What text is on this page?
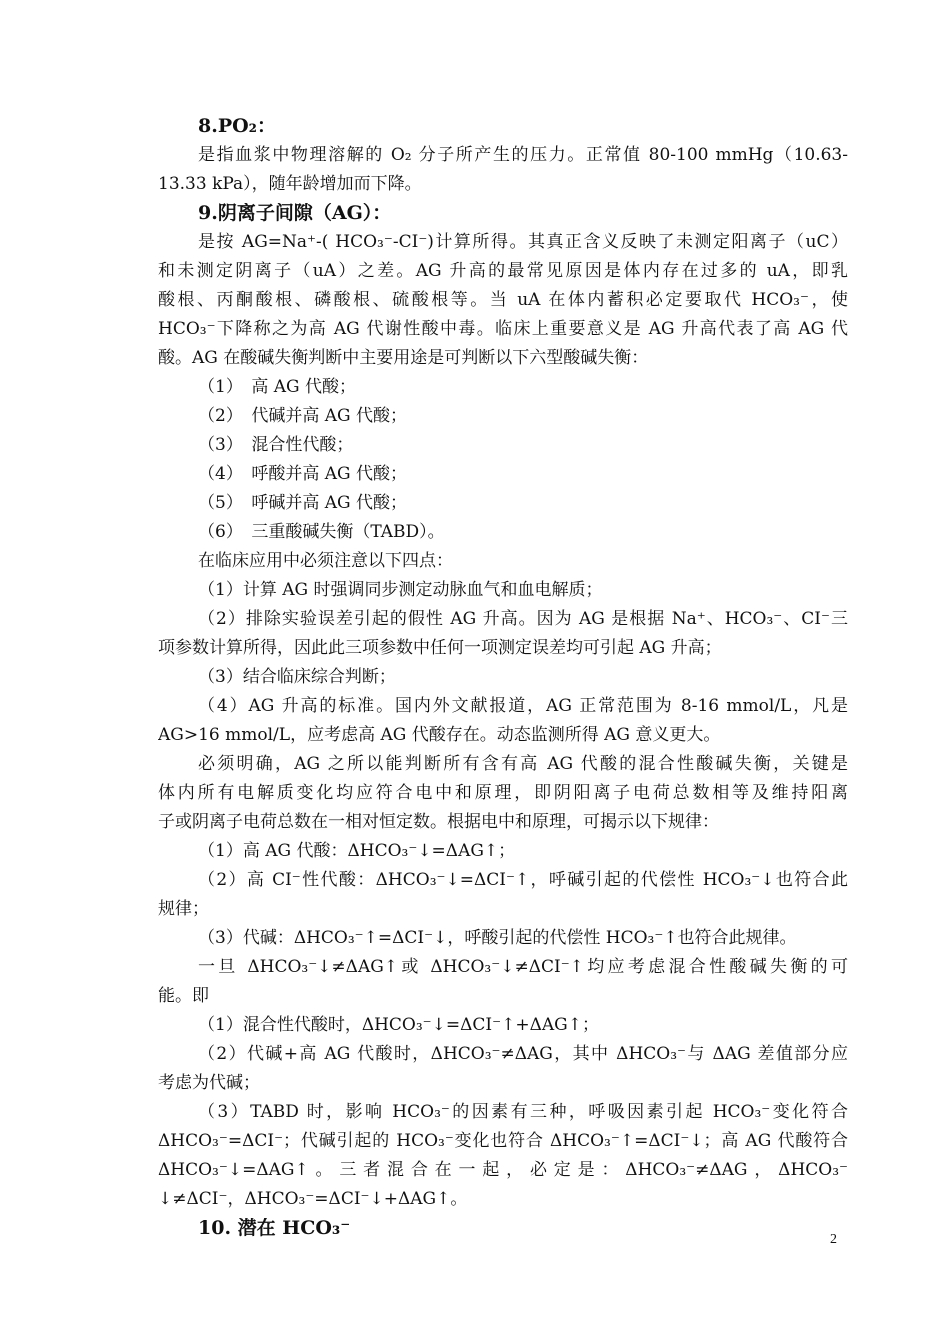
8.PO₂：
是指血浆中物理溶解的 O₂ 分子所产生的压力。正常值 80-100 mmHg（10.63-
13.33 kPa），随年龄增加而下降。
9.阴离子间隙（AG）：
是按 AG=Na⁺-( HCO₃⁻-CI⁻)计算所得。其真正含义反映了未测定阳离子（uC）
和未测定阴离子（uA）之差。AG 升高的最常见原因是体内存在过多的 uA，即乳
酸根、丙酮酸根、磷酸根、硫酸根等。当 uA 在体内蓄积必定要取代 HCO₃⁻，使
HCO₃⁻下降称之为高 AG 代谢性酸中毒。临床上重要意义是 AG 升高代表了高 AG 代
酸。AG 在酸碱失衡判断中主要用途是可判断以下六型酸碱失衡：
（1）　高 AG 代酸；
（2）　代碱并高 AG 代酸；
（3）　混合性代酸；
（4）　呼酸并高 AG 代酸；
（5）　呼碱并高 AG 代酸；
（6）　三重酸碱失衡（TABD）。
在临床应用中必须注意以下四点：
（1）计算 AG 时强调同步测定动脉血气和血电解质；
（2）排除实验误差引起的假性 AG 升高。因为 AG 是根据 Na⁺、HCO₃⁻、CI⁻三
项参数计算所得，因此此三项参数中任何一项测定误差均可引起 AG 升高；
（3）结合临床综合判断；
（4）AG 升高的标准。国内外文献报道，AG 正常范围为 8-16 mmol/L，凡是
AG>16 mmol/L，应考虑高 AG 代酸存在。动态监测所得 AG 意义更大。
必须明确，AG 之所以能判断所有含有高 AG 代酸的混合性酸碱失衡，关键是
体内所有电解质变化均应符合电中和原理，即阴阳离子电荷总数相等及维持阳离
子或阴离子电荷总数在一相对恒定数。根据电中和原理，可揭示以下规律：
（1）高 AG 代酸：ΔHCO₃⁻↓=ΔAG↑；
（2）高 CI⁻性代酸：ΔHCO₃⁻↓=ΔCI⁻↑，呼碱引起的代偿性 HCO₃⁻↓也符合此
规律；
（3）代碱：ΔHCO₃⁻↑=ΔCI⁻↓，呼酸引起的代偿性 HCO₃⁻↑也符合此规律。
一旦 ΔHCO₃⁻↓≠ΔAG↑或 ΔHCO₃⁻↓≠ΔCI⁻↑均应考虑混合性酸碱失衡的可
能。即
（1）混合性代酸时，ΔHCO₃⁻↓=ΔCI⁻↑+ΔAG↑；
（2）代碱+高 AG 代酸时，ΔHCO₃⁻≠ΔAG，其中 ΔHCO₃⁻与 ΔAG 差值部分应
考虑为代碱；
（3）TABD 时，影响 HCO₃⁻的因素有三种，呼吸因素引起 HCO₃⁻变化符合
ΔHCO₃⁻=ΔCI⁻；代碱引起的 HCO₃⁻变化也符合 ΔHCO₃⁻↑=ΔCI⁻↓；高 AG 代酸符合
ΔHCO₃⁻↓=ΔAG↑。三者混合在一起，必定是：ΔHCO₃⁻≠ΔAG，ΔHCO₃⁻
↓≠ΔCI⁻，ΔHCO₃⁻=ΔCI⁻↓+ΔAG↑。
10. 潜在 HCO₃⁻
2
